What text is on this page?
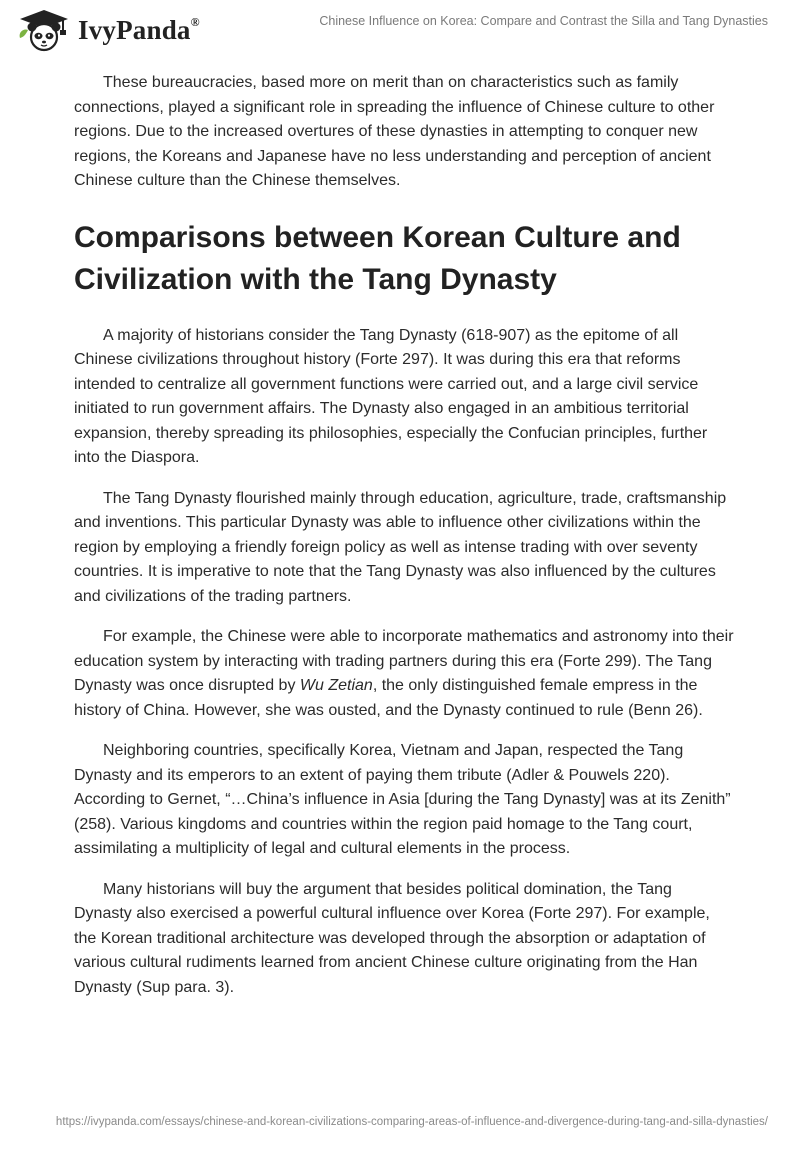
IvyPanda®	Chinese Influence on Korea: Compare and Contrast the Silla and Tang Dynasties

These bureaucracies, based more on merit than on characteristics such as family connections, played a significant role in spreading the influence of Chinese culture to other regions. Due to the increased overtures of these dynasties in attempting to conquer new regions, the Koreans and Japanese have no less understanding and perception of ancient Chinese culture than the Chinese themselves.

Comparisons between Korean Culture and Civilization with the Tang Dynasty

A majority of historians consider the Tang Dynasty (618-907) as the epitome of all Chinese civilizations throughout history (Forte 297). It was during this era that reforms intended to centralize all government functions were carried out, and a large civil service initiated to run government affairs. The Dynasty also engaged in an ambitious territorial expansion, thereby spreading its philosophies, especially the Confucian principles, further into the Diaspora.

The Tang Dynasty flourished mainly through education, agriculture, trade, craftsmanship and inventions. This particular Dynasty was able to influence other civilizations within the region by employing a friendly foreign policy as well as intense trading with over seventy countries. It is imperative to note that the Tang Dynasty was also influenced by the cultures and civilizations of the trading partners.

For example, the Chinese were able to incorporate mathematics and astronomy into their education system by interacting with trading partners during this era (Forte 299). The Tang Dynasty was once disrupted by Wu Zetian, the only distinguished female empress in the history of China. However, she was ousted, and the Dynasty continued to rule (Benn 26).

Neighboring countries, specifically Korea, Vietnam and Japan, respected the Tang Dynasty and its emperors to an extent of paying them tribute (Adler & Pouwels 220). According to Gernet, “…China’s influence in Asia [during the Tang Dynasty] was at its Zenith” (258). Various kingdoms and countries within the region paid homage to the Tang court, assimilating a multiplicity of legal and cultural elements in the process.

Many historians will buy the argument that besides political domination, the Tang Dynasty also exercised a powerful cultural influence over Korea (Forte 297). For example, the Korean traditional architecture was developed through the absorption or adaptation of various cultural rudiments learned from ancient Chinese culture originating from the Han Dynasty (Sup para. 3).

https://ivypanda.com/essays/chinese-and-korean-civilizations-comparing-areas-of-influence-and-divergence-during-tang-and-silla-dynasties/
